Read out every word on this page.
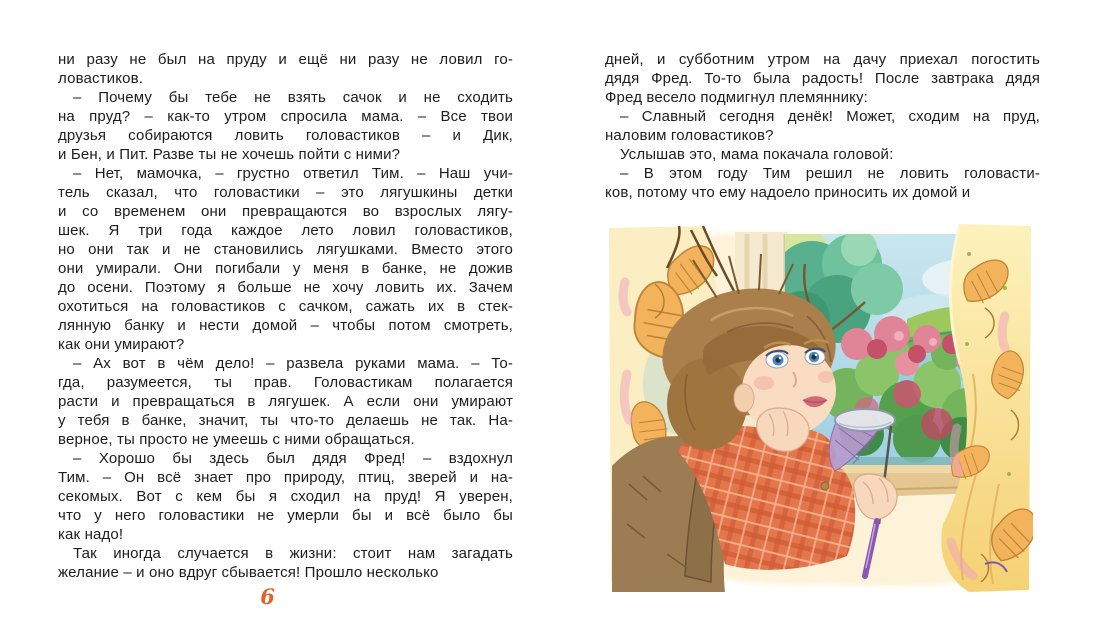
ни разу не был на пруду и ещё ни разу не ловил го-
ловастиков.
– Почему бы тебе не взять сачок и не сходить
на пруд? – как-то утром спросила мама. – Все твои
друзья собираются ловить головастиков – и Дик,
и Бен, и Пит. Разве ты не хочешь пойти с ними?
– Нет, мамочка, – грустно ответил Тим. – Наш учи-
тель сказал, что головастики – это лягушкины детки
и со временем они превращаются во взрослых лягу-
шек. Я три года каждое лето ловил головастиков,
но они так и не становились лягушками. Вместо этого
они умирали. Они погибали у меня в банке, не дожив
до осени. Поэтому я больше не хочу ловить их. Зачем
охотиться на головастиков с сачком, сажать их в стек-
лянную банку и нести домой – чтобы потом смотреть,
как они умирают?
– Ах вот в чём дело! – развела руками мама. – То-
гда, разумеется, ты прав. Головастикам полагается
расти и превращаться в лягушек. А если они умирают
у тебя в банке, значит, ты что-то делаешь не так. На-
верное, ты просто не умеешь с ними обращаться.
– Хорошо бы здесь был дядя Фред! – вздохнул
Тим. – Он всё знает про природу, птиц, зверей и на-
секомых. Вот с кем бы я сходил на пруд! Я уверен,
что у него головастики не умерли бы и всё было бы
как надо!
Так иногда случается в жизни: стоит нам загадать
желание – и оно вдруг сбывается! Прошло несколько
дней, и субботним утром на дачу приехал погостить
дядя Фред. То-то была радость! После завтрака дядя
Фред весело подмигнул племяннику:
– Славный сегодня денёк! Может, сходим на пруд,
наловим головастиков?
Услышав это, мама покачала головой:
– В этом году Тим решил не ловить головасти-
ков, потому что ему надоело приносить их домой и
6
